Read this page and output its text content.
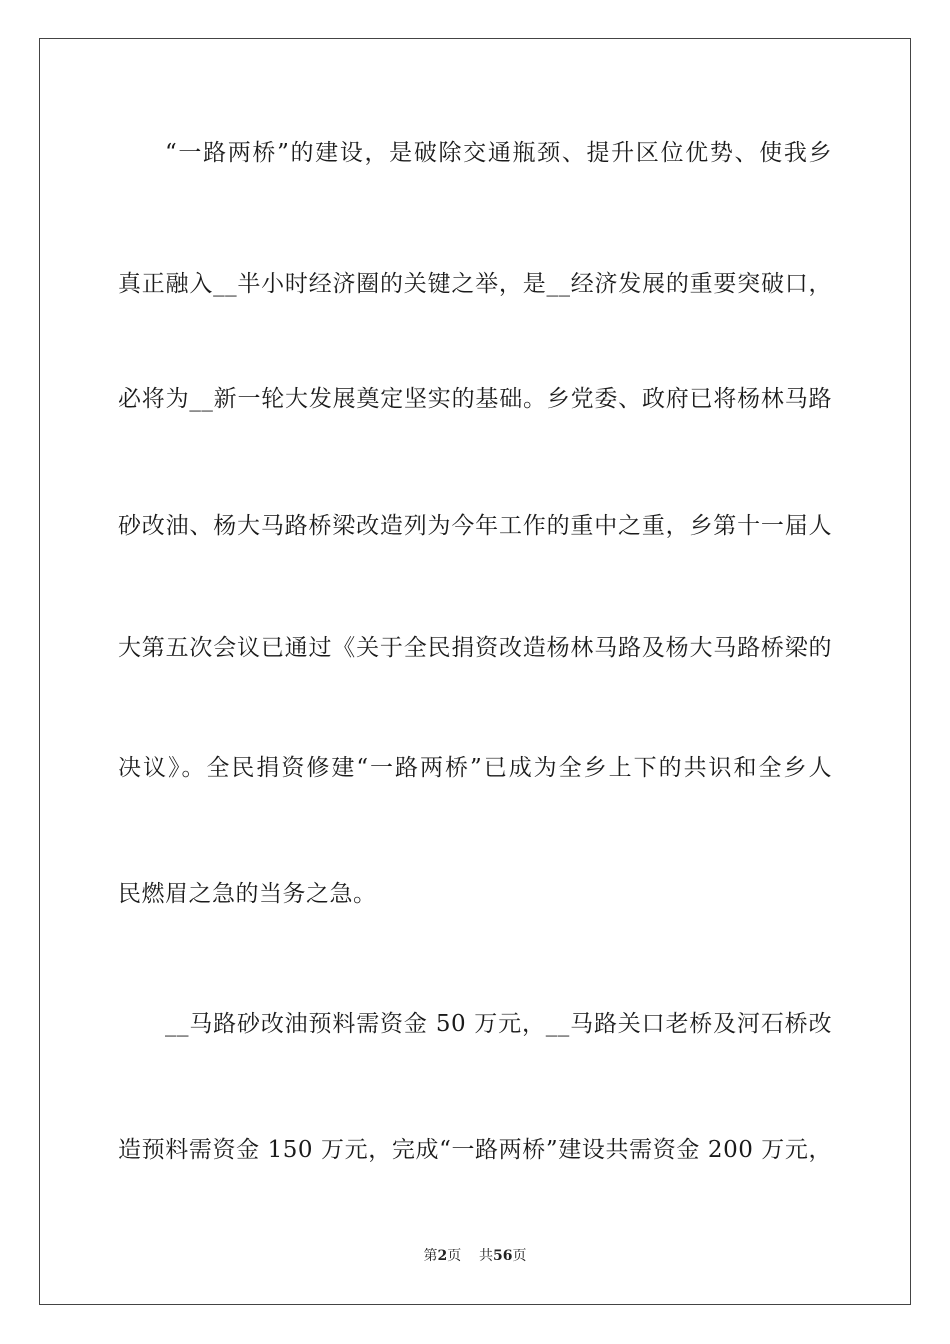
“一路两桥”的建设，是破除交通瓶颈、提升区位优势、使我乡
真正融入__半小时经济圈的关键之举，是__经济发展的重要突破口，
必将为__新一轮大发展奠定坚实的基础。乡党委、政府已将杨林马路
砂改油、杨大马路桥梁改造列为今年工作的重中之重，乡第十一届人
大第五次会议已通过《关于全民捐资改造杨林马路及杨大马路桥梁的
决议》。全民捐资修建“一路两桥”已成为全乡上下的共识和全乡人
民燃眉之急的当务之急。
__马路砂改油预料需资金 50 万元，__马路关口老桥及河石桥改
造预料需资金 150 万元，完成“一路两桥”建设共需资金 200 万元，
第2页 共56页
